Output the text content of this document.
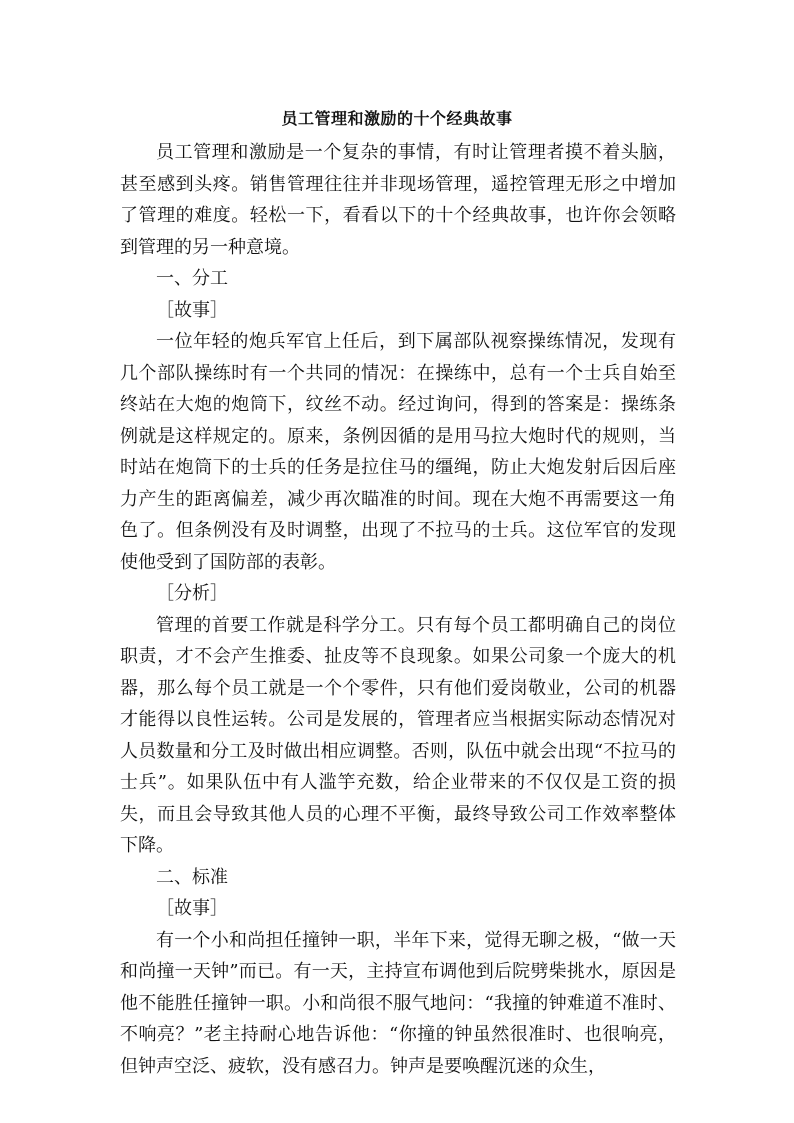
员工管理和激励的十个经典故事

员工管理和激励是一个复杂的事情，有时让管理者摸不着头脑，甚至感到头疼。销售管理往往并非现场管理，遥控管理无形之中增加了管理的难度。轻松一下，看看以下的十个经典故事，也许你会领略到管理的另一种意境。

一、分工

［故事］

一位年轻的炮兵军官上任后，到下属部队视察操练情况，发现有几个部队操练时有一个共同的情况：在操练中，总有一个士兵自始至终站在大炮的炮筒下，纹丝不动。经过询问，得到的答案是：操练条例就是这样规定的。原来，条例因循的是用马拉大炮时代的规则，当时站在炮筒下的士兵的任务是拉住马的缰绳，防止大炮发射后因后座力产生的距离偏差，减少再次瞄准的时间。现在大炮不再需要这一角色了。但条例没有及时调整，出现了不拉马的士兵。这位军官的发现使他受到了国防部的表彰。

［分析］

管理的首要工作就是科学分工。只有每个员工都明确自己的岗位职责，才不会产生推委、扯皮等不良现象。如果公司象一个庞大的机器，那么每个员工就是一个个零件，只有他们爱岗敬业，公司的机器才能得以良性运转。公司是发展的，管理者应当根据实际动态情况对人员数量和分工及时做出相应调整。否则，队伍中就会出现“不拉马的士兵”。如果队伍中有人滥竽充数，给企业带来的不仅仅是工资的损失，而且会导致其他人员的心理不平衡，最终导致公司工作效率整体下降。

二、标准

［故事］

有一个小和尚担任撞钟一职，半年下来，觉得无聊之极，“做一天和尚撞一天钟”而已。有一天，主持宣布调他到后院劈柴挑水，原因是他不能胜任撞钟一职。小和尚很不服气地问：“我撞的钟难道不准时、不响亮？”老主持耐心地告诉他：“你撞的钟虽然很准时、也很响亮，但钟声空泛、疲软，没有感召力。钟声是要唤醒沉迷的众生，
